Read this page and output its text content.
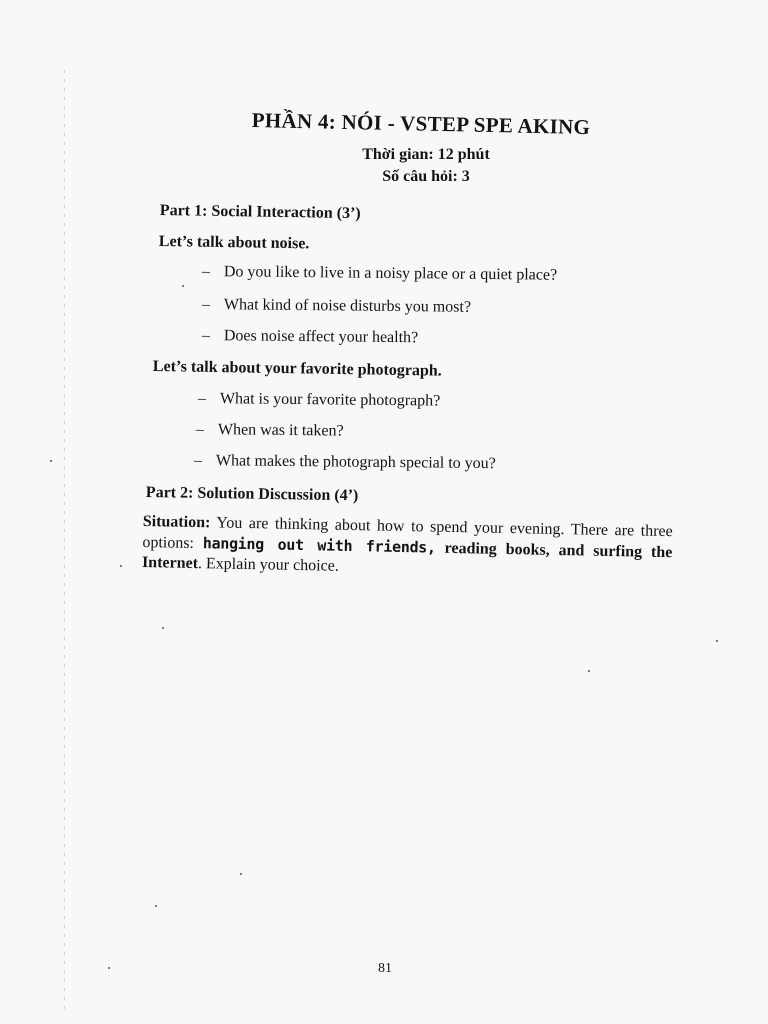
PHẦN 4: NÓI - VSTEP SPE AKING

Thời gian: 12 phút

Số câu hỏi: 3

Part 1: Social Interaction (3’)

Let’s talk about noise.

– Do you like to live in a noisy place or a quiet place?

– What kind of noise disturbs you most?

– Does noise affect your health?

Let’s talk about your favorite photograph.

– What is your favorite photograph?

– When was it taken?

– What makes the photograph special to you?

Part 2: Solution Discussion (4’)

Situation: You are thinking about how to spend your evening. There are three options: hanging out with friends, reading books, and surfing the Internet. Explain your choice.

81
